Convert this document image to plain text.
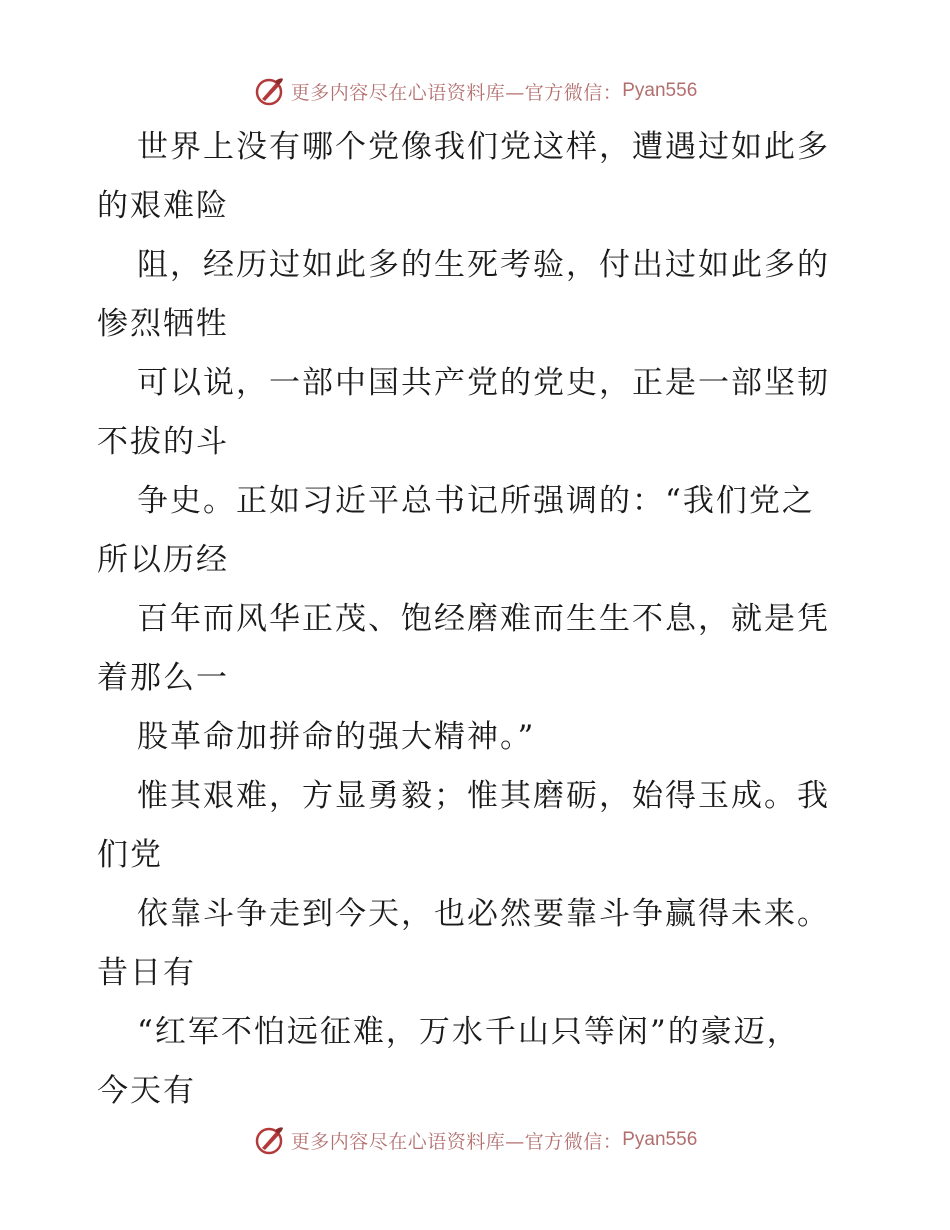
更多内容尽在心语资料库—官方微信： Pyan556
世界上没有哪个党像我们党这样，遭遇过如此多
的艰难险
阻，经历过如此多的生死考验，付出过如此多的
惨烈牺牲
可以说，一部中国共产党的党史，正是一部坚韧
不拔的斗
争史。正如习近平总书记所强调的：“我们党之
所以历经
百年而风华正茂、饱经磨难而生生不息，就是凭
着那么一
股革命加拼命的强大精神。”
惟其艰难，方显勇毅；惟其磨砺，始得玉成。我
们党
依靠斗争走到今天，也必然要靠斗争赢得未来。
昔日有
“红军不怕远征难，万水千山只等闲”的豪迈，
今天有
更多内容尽在心语资料库—官方微信： Pyan556
